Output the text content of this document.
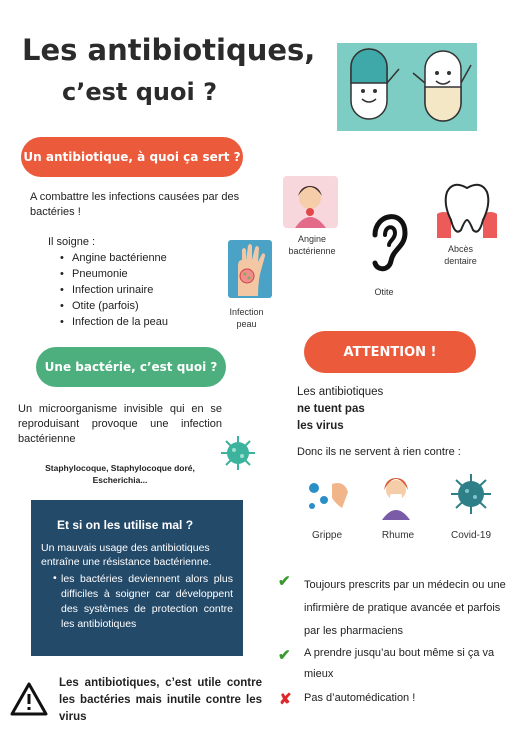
Les antibiotiques,
c’est quoi ?
Un antibiotique, à quoi ça sert ?
A combattre les infections causées par des bactéries !
Il soigne :
• Angine bactérienne
• Pneumonie
• Infection urinaire
• Otite (parfois)
• Infection de la peau
Angine bactérienne
Otite
Abcès dentaire
Infection peau
Une bactérie, c’est quoi ?
Un microorganisme invisible qui en se reproduisant provoque une infection bactérienne
Staphylocoque, Staphylocoque doré, Escherichia...
Et si on les utilise mal ?
Un mauvais usage des antibiotiques entraîne une résistance bactérienne.
• les bactéries deviennent alors plus difficiles à soigner car développent des systèmes de protection contre les antibiotiques
Les antibiotiques, c’est utile contre les bactéries mais inutile contre les virus
ATTENTION !
Les antibiotiques
ne tuent pas
les virus
Donc ils ne servent à rien contre :
Grippe	Rhume	Covid-19
✔ Toujours prescrits par un médecin ou une infirmière de pratique avancée et parfois par les pharmaciens
✔ A prendre jusqu’au bout même si ça va mieux
✘ Pas d’automédication !
